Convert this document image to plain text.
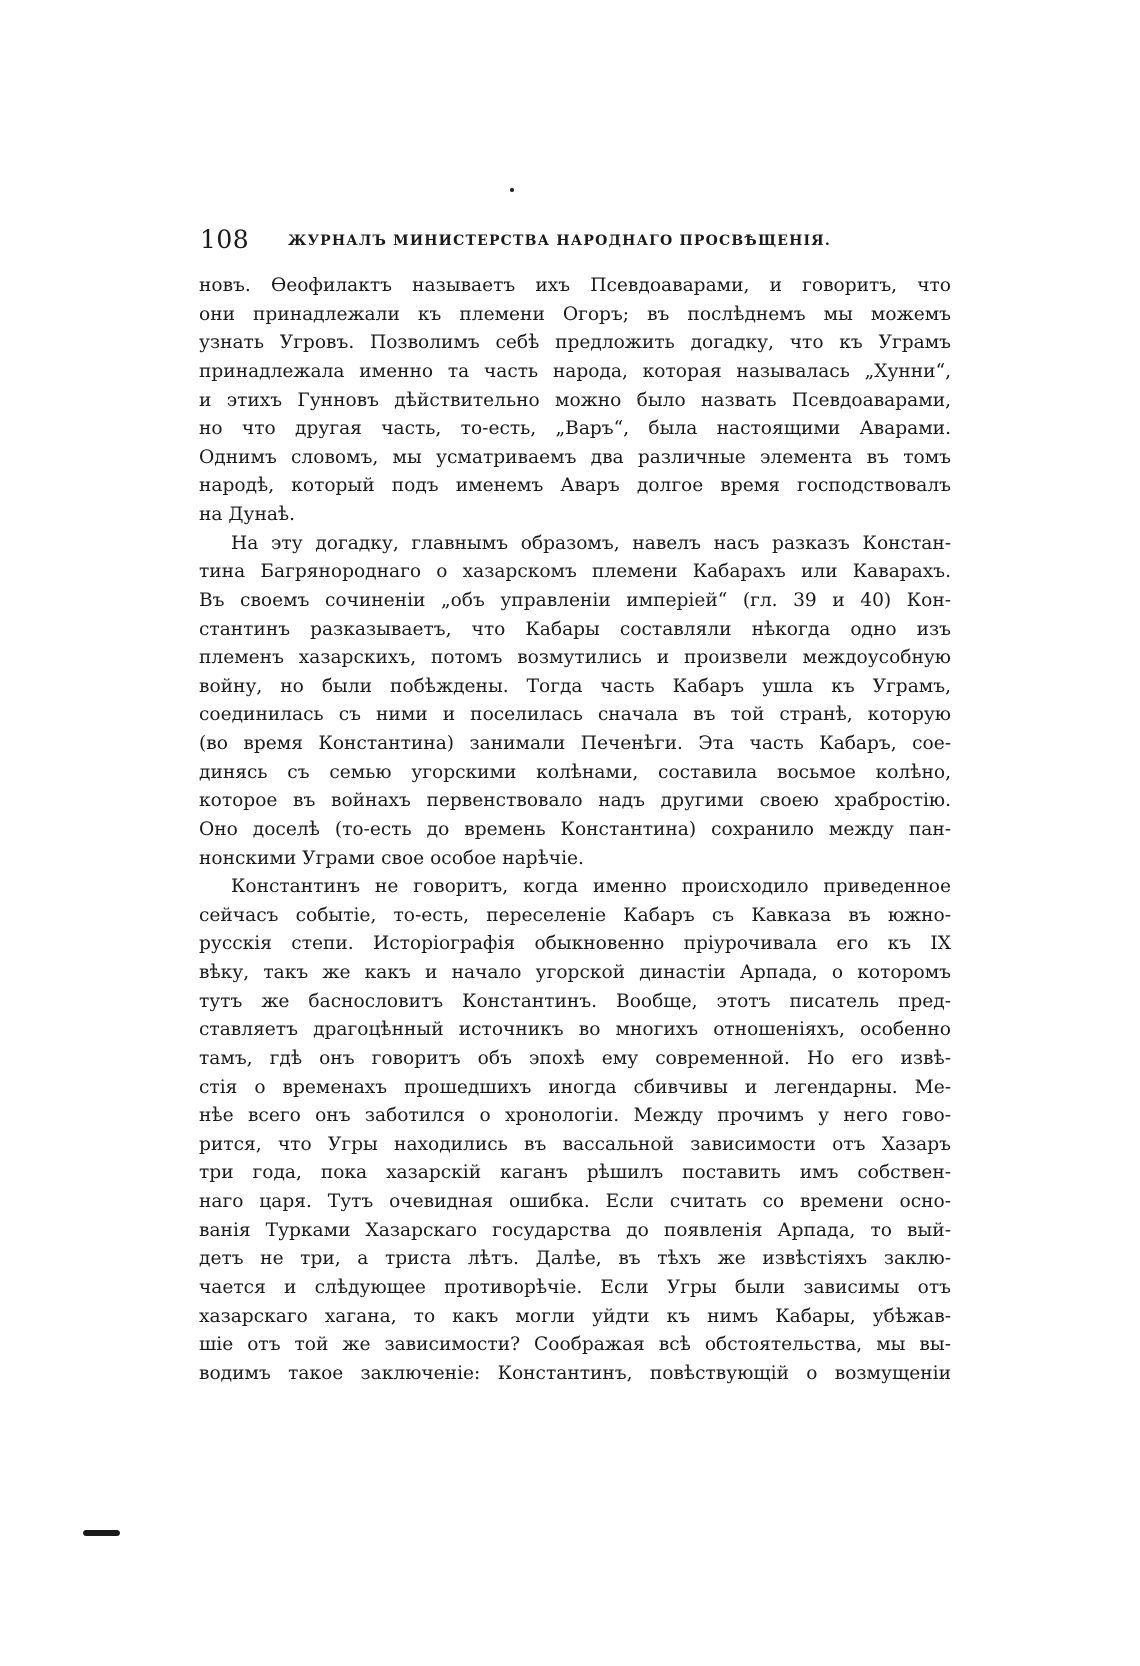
108	ЖУРНАЛЪ МИНИСТЕРСТВА НАРОДНАГО ПРОСВѢЩЕНІЯ.
новъ. Ѳеофилактъ называетъ ихъ Псевдоаварами, и говоритъ, что
они принадлежали къ племени Огоръ; въ послѣднемъ мы можемъ
узнать Угровъ. Позволимъ себѣ предложить догадку, что къ Уграмъ
принадлежала именно та часть народа, которая называлась „Хунни“,
и этихъ Гунновъ дѣйствительно можно было назвать Псевдоаварами,
но что другая часть, то-есть, „Варъ“, была настоящими Аварами.
Однимъ словомъ, мы усматриваемъ два различные элемента въ томъ
народѣ, который подъ именемъ Аваръ долгое время господствовалъ
на Дунаѣ.
На эту догадку, главнымъ образомъ, навелъ насъ разказъ Констан-
тина Багрянороднаго о хазарскомъ племени Кабарахъ или Каварахъ.
Въ своемъ сочиненіи „объ управленіи имперіей“ (гл. 39 и 40) Кон-
стантинъ разказываетъ, что Кабары составляли нѣкогда одно изъ
племенъ хазарскихъ, потомъ возмутились и произвели междоусобную
войну, но были побѣждены. Тогда часть Кабаръ ушла къ Уграмъ,
соединилась съ ними и поселилась сначала въ той странѣ, которую
(во время Константина) занимали Печенѣги. Эта часть Кабаръ, сое-
динясь съ семью угорскими колѣнами, составила восьмое колѣно,
которое въ войнахъ первенствовало надъ другими своею храбростію.
Оно доселѣ (то-есть до времень Константина) сохранило между пан-
нонскими Уграми свое особое нарѣчіе.
Константинъ не говоритъ, когда именно происходило приведенное
сейчасъ событіе, то-есть, переселеніе Кабаръ съ Кавказа въ южно-
русскія степи. Исторіографія обыкновенно пріурочивала его къ IX
вѣку, такъ же какъ и начало угорской династіи Арпада, о которомъ
тутъ же баснословитъ Константинъ. Вообще, этотъ писатель пред-
ставляетъ драгоцѣнный источникъ во многихъ отношеніяхъ, особенно
тамъ, гдѣ онъ говоритъ объ эпохѣ ему современной. Но его извѣ-
стія о временахъ прошедшихъ иногда сбивчивы и легендарны. Ме-
нѣе всего онъ заботился о хронологіи. Между прочимъ у него гово-
рится, что Угры находились въ вассальной зависимости отъ Хазаръ
три года, пока хазарскій каганъ рѣшилъ поставить имъ собствен-
наго царя. Тутъ очевидная ошибка. Если считать со времени осно-
ванія Турками Хазарскаго государства до появленія Арпада, то вый-
детъ не три, а триста лѣтъ. Далѣе, въ тѣхъ же извѣстіяхъ заклю-
чается и слѣдующее противорѣчіе. Если Угры были зависимы отъ
хазарскаго хагана, то какъ могли уйдти къ нимъ Кабары, убѣжав-
шіе отъ той же зависимости? Соображая всѣ обстоятельства, мы вы-
водимъ такое заключеніе: Константинъ, повѣствующій о возмущеніи
